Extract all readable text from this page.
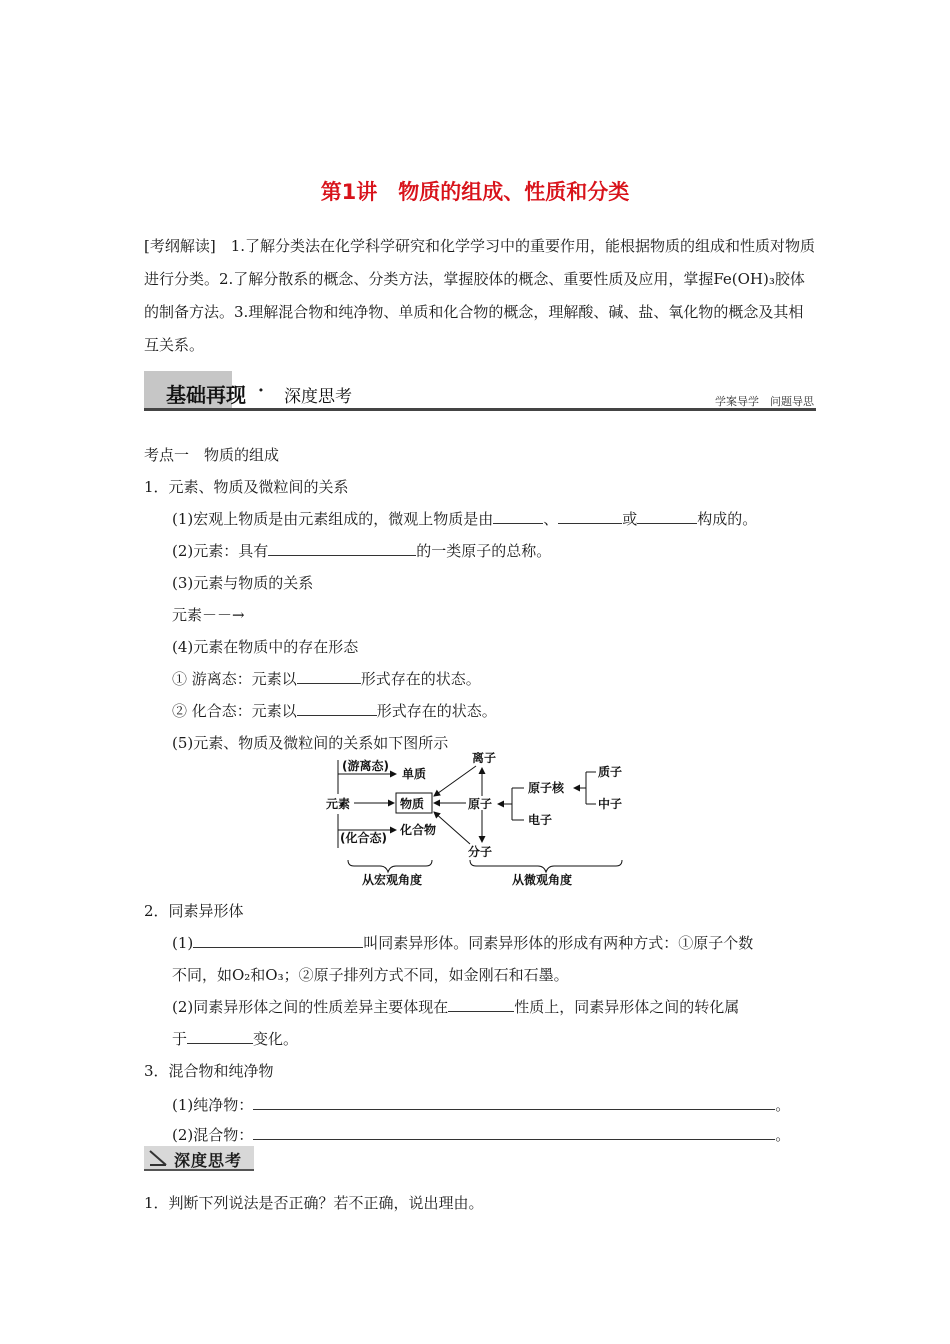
第1讲　物质的组成、性质和分类
[考纲解读]　1.了解分类法在化学科学研究和化学学习中的重要作用，能根据物质的组成和性质对物质进行分类。2.了解分散系的概念、分类方法，掌握胶体的概念、重要性质及应用，掌握Fe(OH)₃胶体的制备方法。3.理解混合物和纯净物、单质和化合物的概念，理解酸、碱、盐、氧化物的概念及其相互关系。
基础再现 · 深度思考	学案导学　问题导思
考点一　物质的组成
1．元素、物质及微粒间的关系
(1)宏观上物质是由元素组成的，微观上物质是由	、	或	构成的。
(2)元素：具有	的一类原子的总称。
(3)元素与物质的关系
元素－－→
(4)元素在物质中的存在形态
① 游离态：元素以	形式存在的状态。
② 化合态：元素以	形式存在的状态。
(5)元素、物质及微粒间的关系如下图所示
(游离态)
单质
元素	物质
(化合态)
化合物
离子
原子
原子核
电子
质子
中子
分子
从宏观角度	从微观角度
2．同素异形体
(1)	叫同素异形体。同素异形体的形成有两种方式：①原子个数
不同，如O₂和O₃；②原子排列方式不同，如金刚石和石墨。
(2)同素异形体之间的性质差异主要体现在	性质上，同素异形体之间的转化属
于	变化。
3．混合物和纯净物
(1)纯净物：	。
(2)混合物：	。
深度思考
1．判断下列说法是否正确？若不正确，说出理由。
